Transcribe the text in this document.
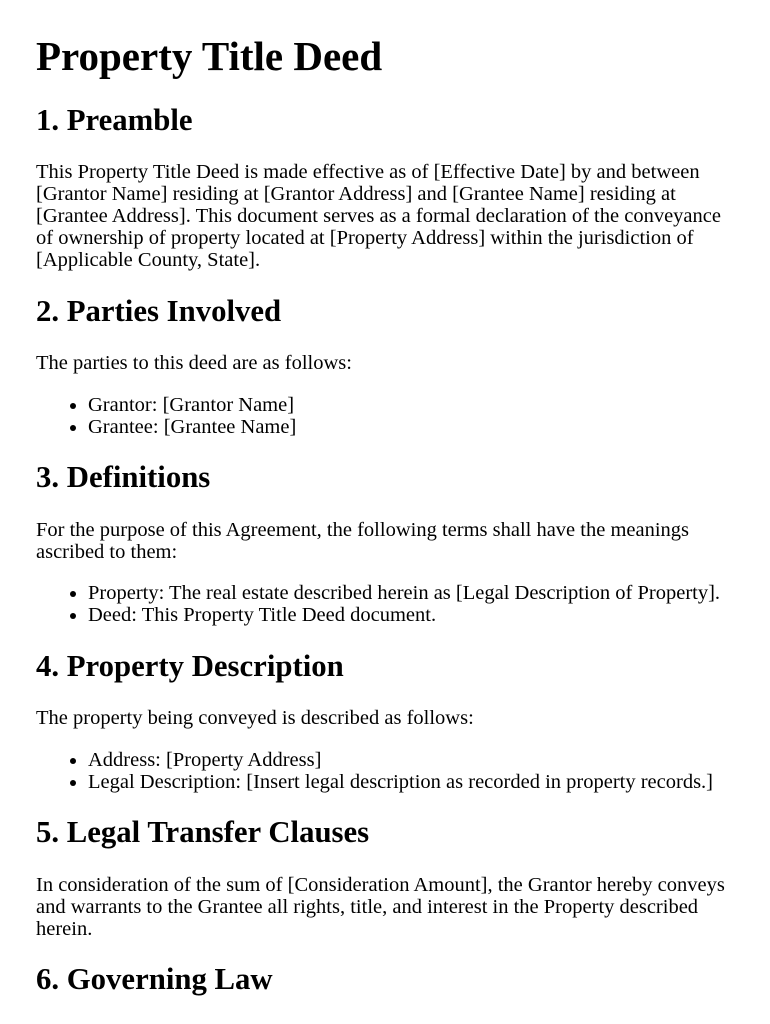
Property Title Deed
1. Preamble

This Property Title Deed is made effective as of [Effective Date] by and between [Grantor Name] residing at [Grantor Address] and [Grantee Name] residing at [Grantee Address]. This document serves as a formal declaration of the conveyance of ownership of property located at [Property Address] within the jurisdiction of [Applicable County, State].

2. Parties Involved

The parties to this deed are as follows:

• Grantor: [Grantor Name]
• Grantee: [Grantee Name]
3. Definitions

For the purpose of this Agreement, the following terms shall have the meanings ascribed to them:

• Property: The real estate described herein as [Legal Description of Property].
• Deed: This Property Title Deed document.
4. Property Description

The property being conveyed is described as follows:

• Address: [Property Address]
• Legal Description: [Insert legal description as recorded in property records.]
5. Legal Transfer Clauses

In consideration of the sum of [Consideration Amount], the Grantor hereby conveys and warrants to the Grantee all rights, title, and interest in the Property described herein.

6. Governing Law
